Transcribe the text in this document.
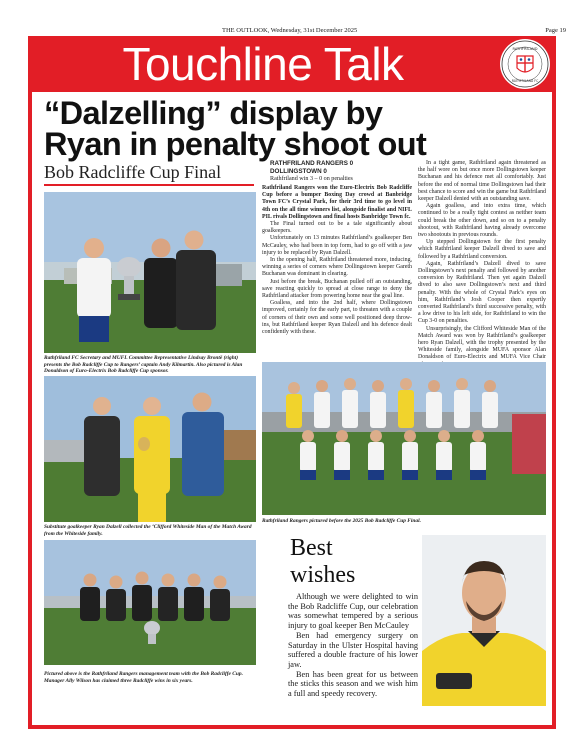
THE OUTLOOK, Wednesday, 31st December 2025	Page 19
Touchline Talk	RATHFRILAND
RATHFRILAND FC
“Dalzelling” display by
Ryan in penalty shoot out
Bob Radcliffe Cup Final	RATHFRILAND RANGERS 0

DOLLINGSTOWN 0

Rathfriland win 3 – 0 on penalties

Rathfriland Rangers won the Euro-Electrix Bob Radcliffe Cup before a bumper Boxing Day crowd at Banbridge Town FC’s Crystal Park, for their 3rd time to go level in 4th on the all time winners list, alongside finalist and NIFL PIL rivals Dollingstown and final hosts Banbridge Town fc.

The Final turned out to be a tale significantly about goalkeepers.

Unfortunately on 13 minutes Rathfriland’s goalkeeper Ben McCauley, who had been in top form, had to go off with a jaw injury to be replaced by Ryan Dalzell.

In the opening half, Rathfriland threatened more, inducing, winning a series of corners where Dollingstown keeper Gareth Buchanan was dominant in clearing.

Just before the break, Buchanan pulled off an outstanding, save reacting quickly to spread at close range to deny the Rathfriland attacker from powering home near the goal line.

Goalless, and into the 2nd half, where Dollingstown improved, certainly for the early part, to threaten with a couple of corners of their own and some well positioned deep throw-ins, but Rathfriland keeper Ryan Dalzell and his defence dealt confidently with these.

In a tight game, Rathfriland again threatened as the half wore on but once more Dollingstown keeper Buchanan and his defence met all comfortably. Just before the end of normal time Dollingstown had their best chance to score and win the game but Rathfriland keeper Dalzell denied with an outstanding save.

Again goalless, and into extra time, which continued to be a really tight contest as neither team could break the other down, and so on to a penalty shootout, with Rathfriland having already overcome two shootouts in previous rounds.

Up stepped Dollingstown for the first penalty which Rathfriland keeper Dalzell dived to save and followed by a Rathfriland conversion.

Again, Rathfriland’s Dalzell dived to save Dollingstown’s next penalty and followed by another conversion by Rathfriland. Then yet again Dalzell dived to also save Dollingstown’s next and third penalty. With the whole of Crystal Park’s eyes on him, Rathfriland’s Josh Cooper then expertly converted Rathfriland’s third successive penalty, with a low drive to his left side, for Rathfriland to win the Cup 3-0 on penalties.

Unsurprisingly, the Clifford Whiteside Man of the Match Award was won by Rathfriland’s goalkeeper hero Ryan Dalzell, with the trophy presented by the Whiteside family, alongside MUFA sponsor Alan Donaldson of Euro-Electrix and MUFA Vice Chair

Rathfriland FC Secretary and MUFL Committee Representative Lindsay Brontë (right) presents the Bob Radcliffe Cup to Rangers’ captain Andy Kilmartin. Also pictured is Alan Donaldson of Euro-Electrix Bob Radcliffe Cup sponsor.
Substitute goalkeeper Ryan Dalzell collected the ‘Clifford Whiteside Man of the Match Award from the Whiteside family.
Pictured above is the Rathfriland Rangers management team with the Bob Radcliffe Cup. Manager Ally Wilson has claimed three Radcliffe wins in six years.
Rathfriland Rangers pictured before the 2025 Bob Radcliffe Cup Final.
Best
wishes

Although we were delighted to win the Bob Radcliffe Cup, our celebration was somewhat tempered by a serious injury to goal keeper Ben McCauley

Ben had emergency surgery on Saturday in the Ulster Hospital having suffered a double fracture of his lower jaw.

Ben has been great for us between the sticks this season and we wish him a full and speedy recovery.
